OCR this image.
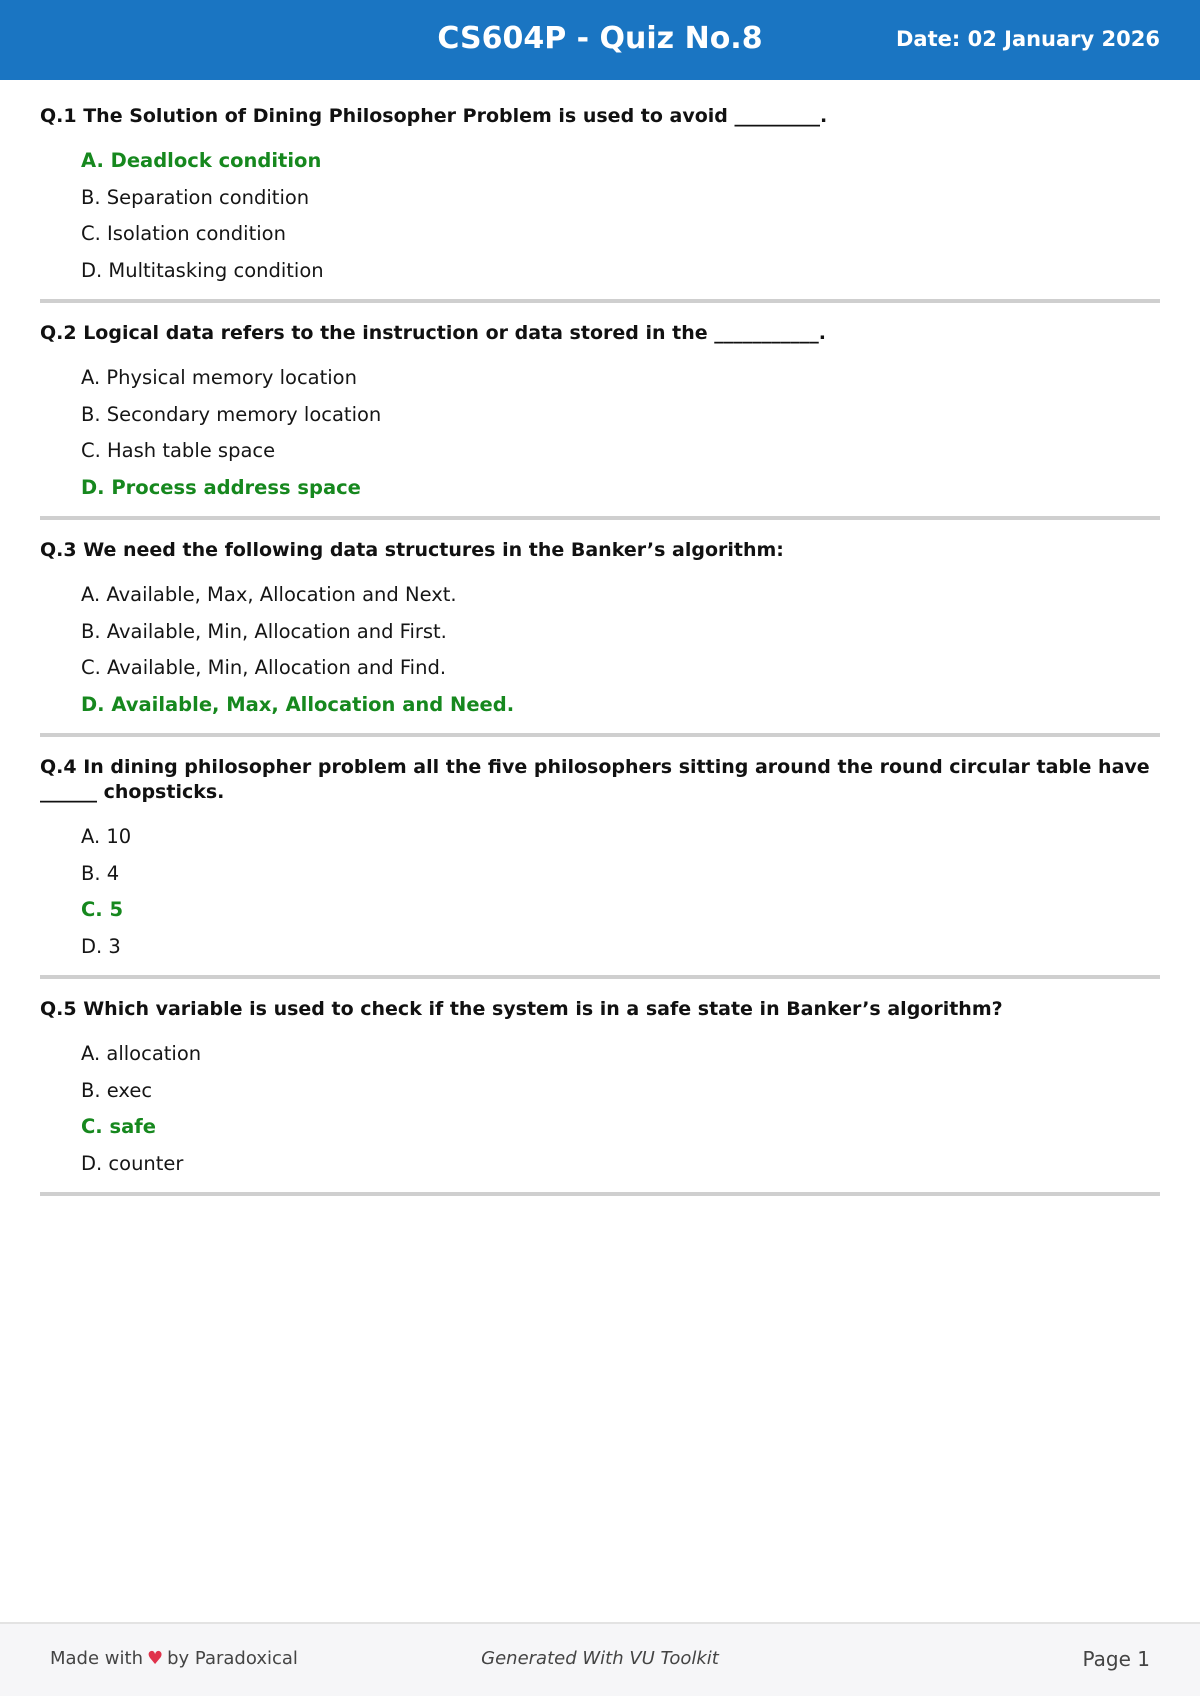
CS604P - Quiz No.8	Date: 02 January 2026
Q.1 The Solution of Dining Philosopher Problem is used to avoid _________.
A. Deadlock condition
B. Separation condition
C. Isolation condition
D. Multitasking condition
Q.2 Logical data refers to the instruction or data stored in the ___________.
A. Physical memory location
B. Secondary memory location
C. Hash table space
D. Process address space
Q.3 We need the following data structures in the Banker’s algorithm:
A. Available, Max, Allocation and Next.
B. Available, Min, Allocation and First.
C. Available, Min, Allocation and Find.
D. Available, Max, Allocation and Need.
Q.4 In dining philosopher problem all the five philosophers sitting around the round circular table have ______ chopsticks.
A. 10
B. 4
C. 5
D. 3
Q.5 Which variable is used to check if the system is in a safe state in Banker’s algorithm?
A. allocation
B. exec
C. safe
D. counter
Made with ♥ by Paradoxical	Generated With VU Toolkit	Page 1
